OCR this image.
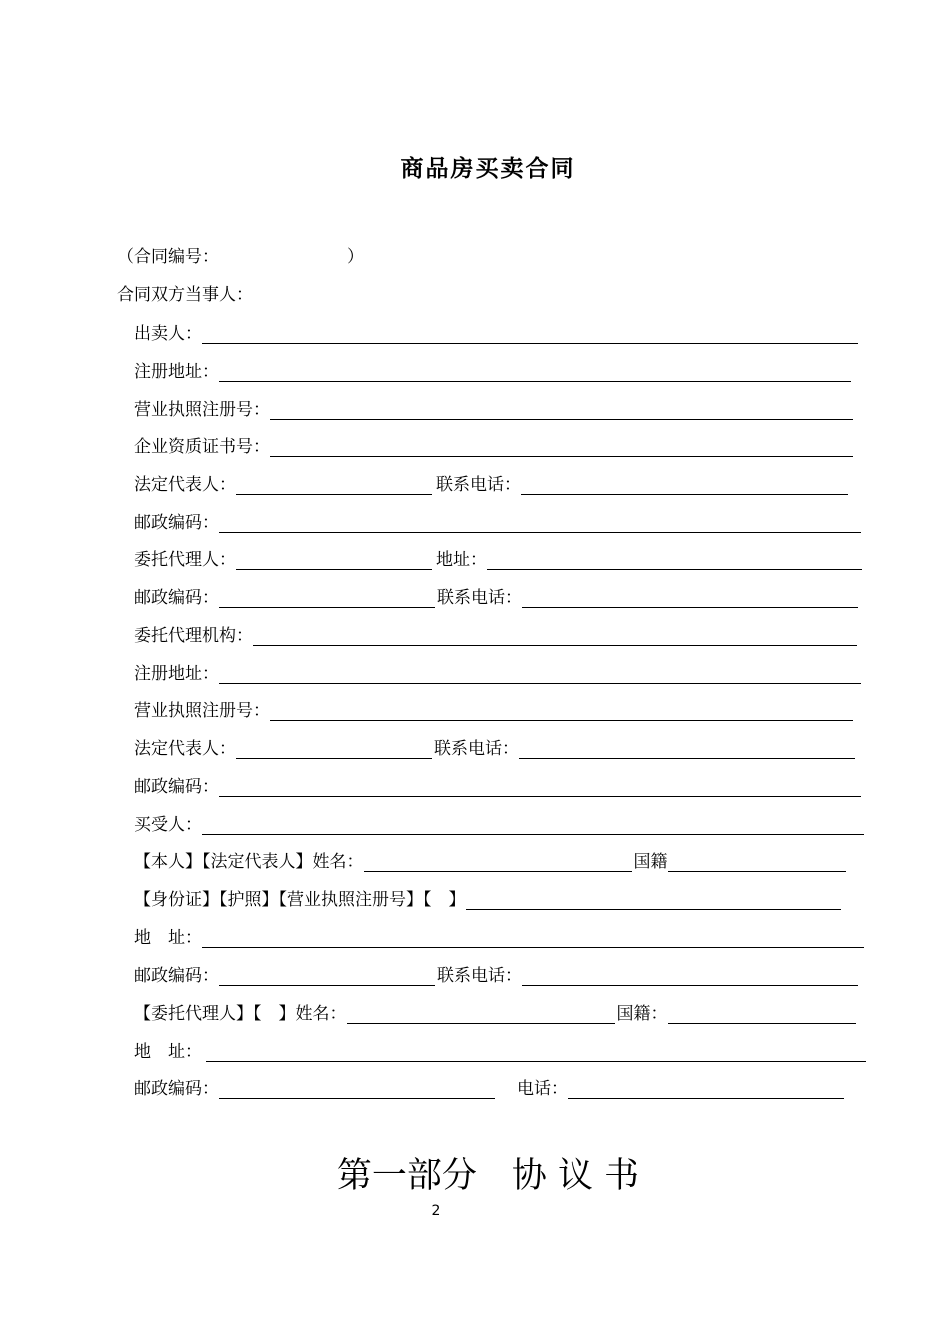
商品房买卖合同
（合同编号：	）
合同双方当事人：
出卖人：
注册地址：
营业执照注册号：
企业资质证书号：
法定代表人：	联系电话：
邮政编码：
委托代理人：	地址：
邮政编码：	联系电话：
委托代理机构：
注册地址：
营业执照注册号：
法定代表人：	联系电话：
邮政编码：
买受人：
【本人】【法定代表人】姓名：	国籍
【身份证】【护照】【营业执照注册号】【　】
地　址：
邮政编码：	联系电话：
【委托代理人】【　】姓名：	国籍：
地　址：
邮政编码：	电话：
第一部分　协 议 书
2
